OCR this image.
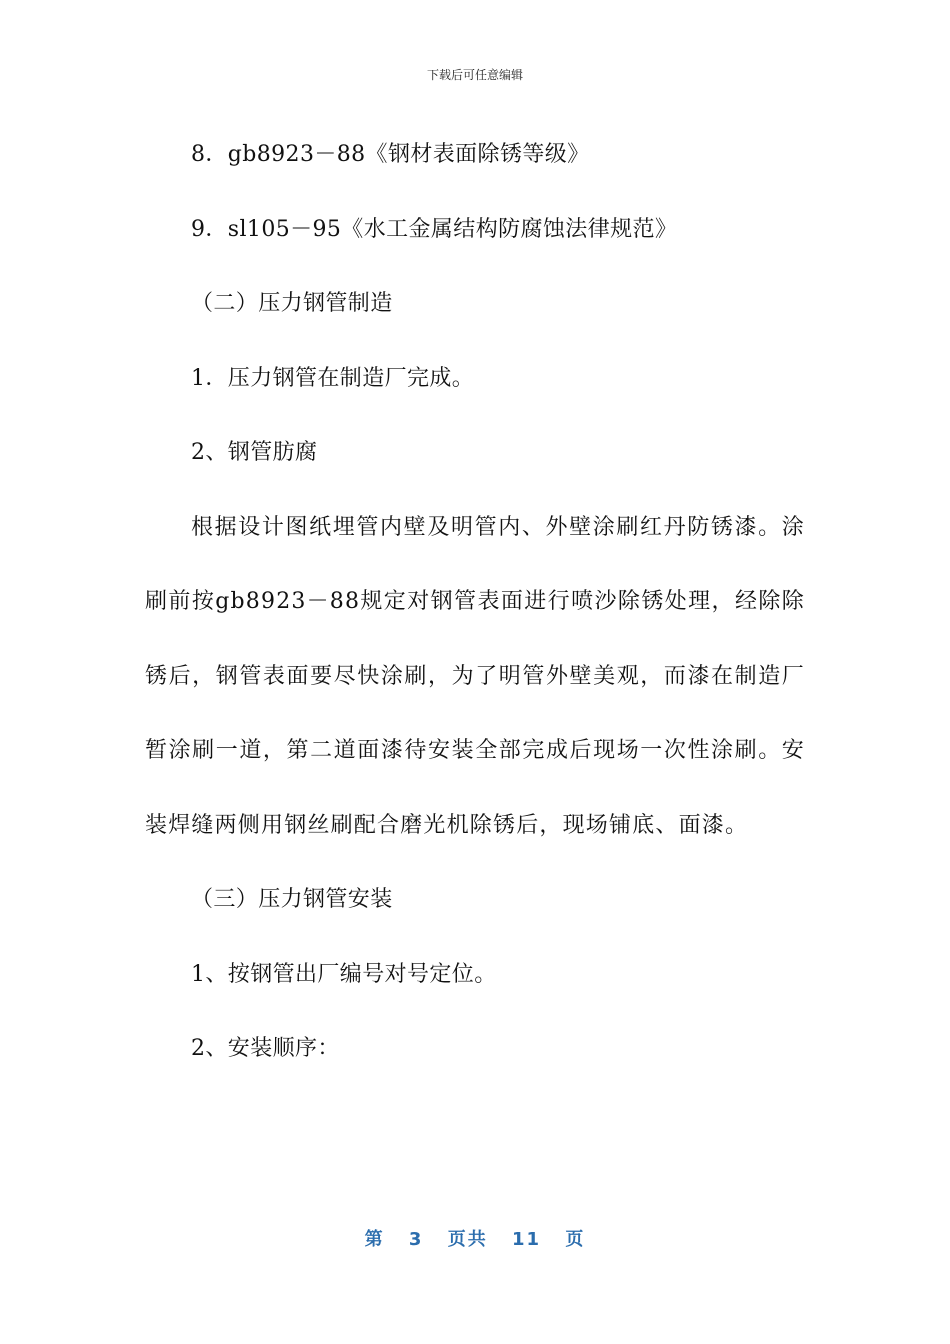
下载后可任意编辑

8．gb8923－88《钢材表面除锈等级》

9．sl105－95《水工金属结构防腐蚀法律规范》

（二）压力钢管制造

1．压力钢管在制造厂完成。

2、钢管肪腐

根据设计图纸埋管内壁及明管内、外壁涂刷红丹防锈漆。涂刷前按gb8923－88规定对钢管表面进行喷沙除锈处理，经除除锈后，钢管表面要尽快涂刷，为了明管外壁美观，而漆在制造厂暂涂刷一道，第二道面漆待安装全部完成后现场一次性涂刷。安装焊缝两侧用钢丝刷配合磨光机除锈后，现场铺底、面漆。

（三）压力钢管安装

1、按钢管出厂编号对号定位。

2、安装顺序：

第 3 页共 11 页
